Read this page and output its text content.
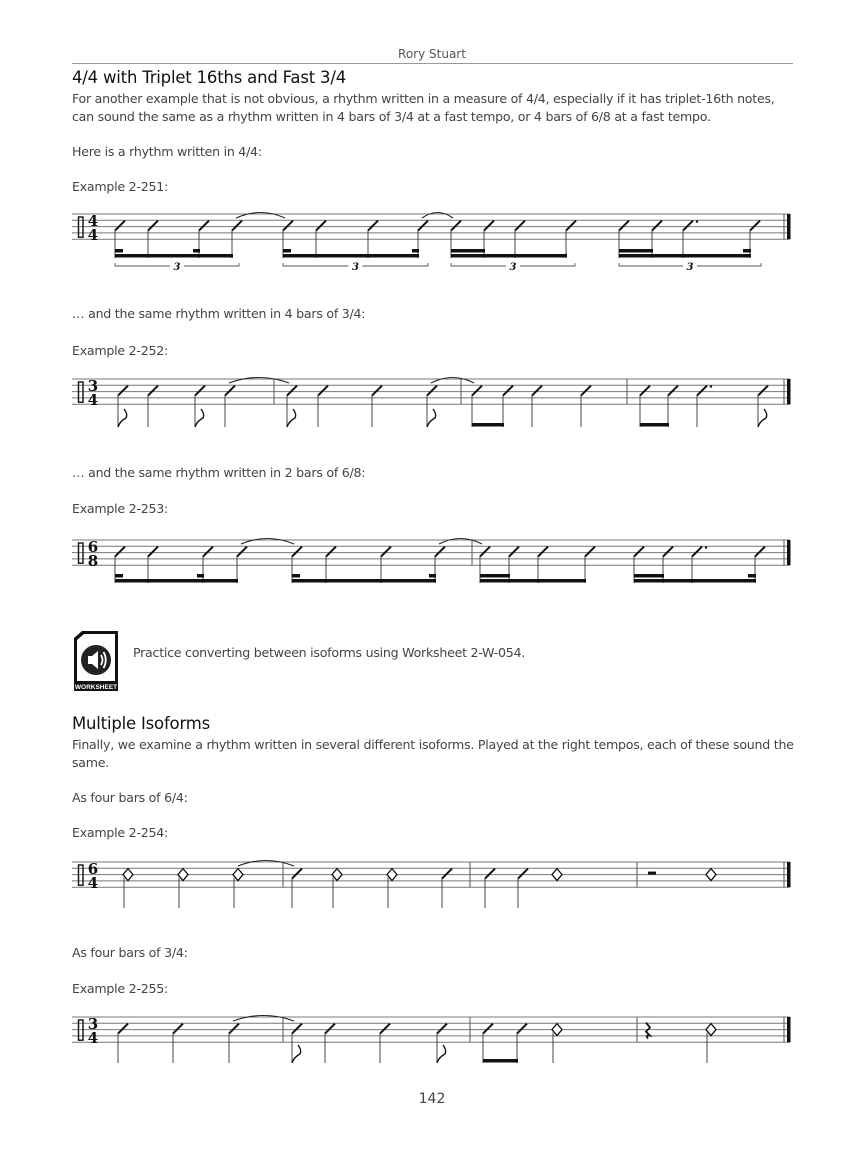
Rory Stuart
4/4 with Triplet 16ths and Fast 3/4

For another example that is not obvious, a rhythm written in a measure of 4/4, especially if it has triplet-16th notes, can sound the same as a rhythm written in 4 bars of 3/4 at a fast tempo, or 4 bars of 6/8 at a fast tempo.

Here is a rhythm written in 4/4:
Example 2-251:
4
4
3	3	3	3
… and the same rhythm written in 4 bars of 3/4:
Example 2-252:
3
4
… and the same rhythm written in 2 bars of 6/8:
Example 2-253:
6
8
WORKSHEET
Practice converting between isoforms using Worksheet 2-W-054.
Multiple Isoforms

Finally, we examine a rhythm written in several different isoforms. Played at the right tempos, each of these sound the same.

As four bars of 6/4:
Example 2-254:
6
4
As four bars of 3/4:
Example 2-255:
3
4
142
